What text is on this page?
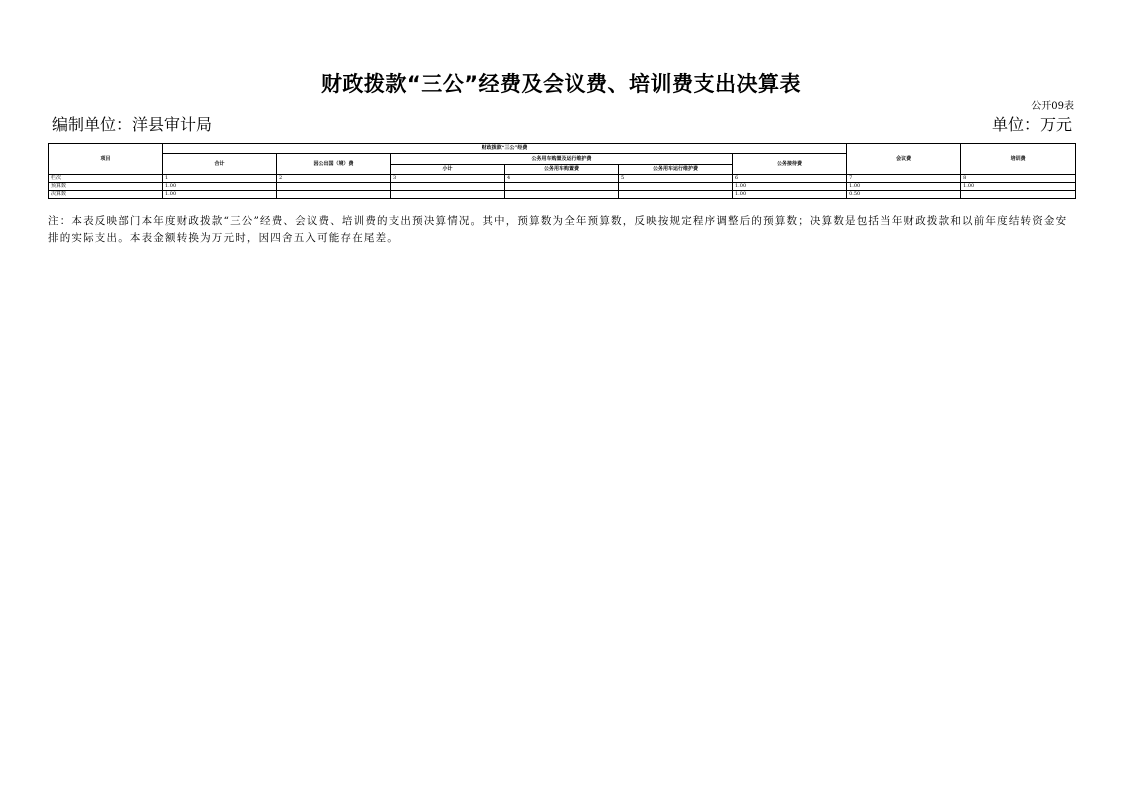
财政拨款“三公”经费及会议费、培训费支出决算表
公开09表
编制单位：洋县审计局	单位：万元
项目	财政拨款“三公”经费						会议费	培训费
	合计	因公出国（境）费	公务用车购置及运行维护费			公务接待费		
			小计	公务用车购置费	公务用车运行维护费			
栏次	1	2	3	4	5	6	7	8
预算数	1.00					1.00	1.00	1.00
决算数	1.00					1.00	0.50	
注：本表反映部门本年度财政拨款“三公”经费、会议费、培训费的支出预决算情况。其中，预算数为全年预算数，反映按规定程序调整后的预算数；决算数是包括当年财政拨款和以前年度结转资金安排的实际支出。本表金额转换为万元时，因四舍五入可能存在尾差。
